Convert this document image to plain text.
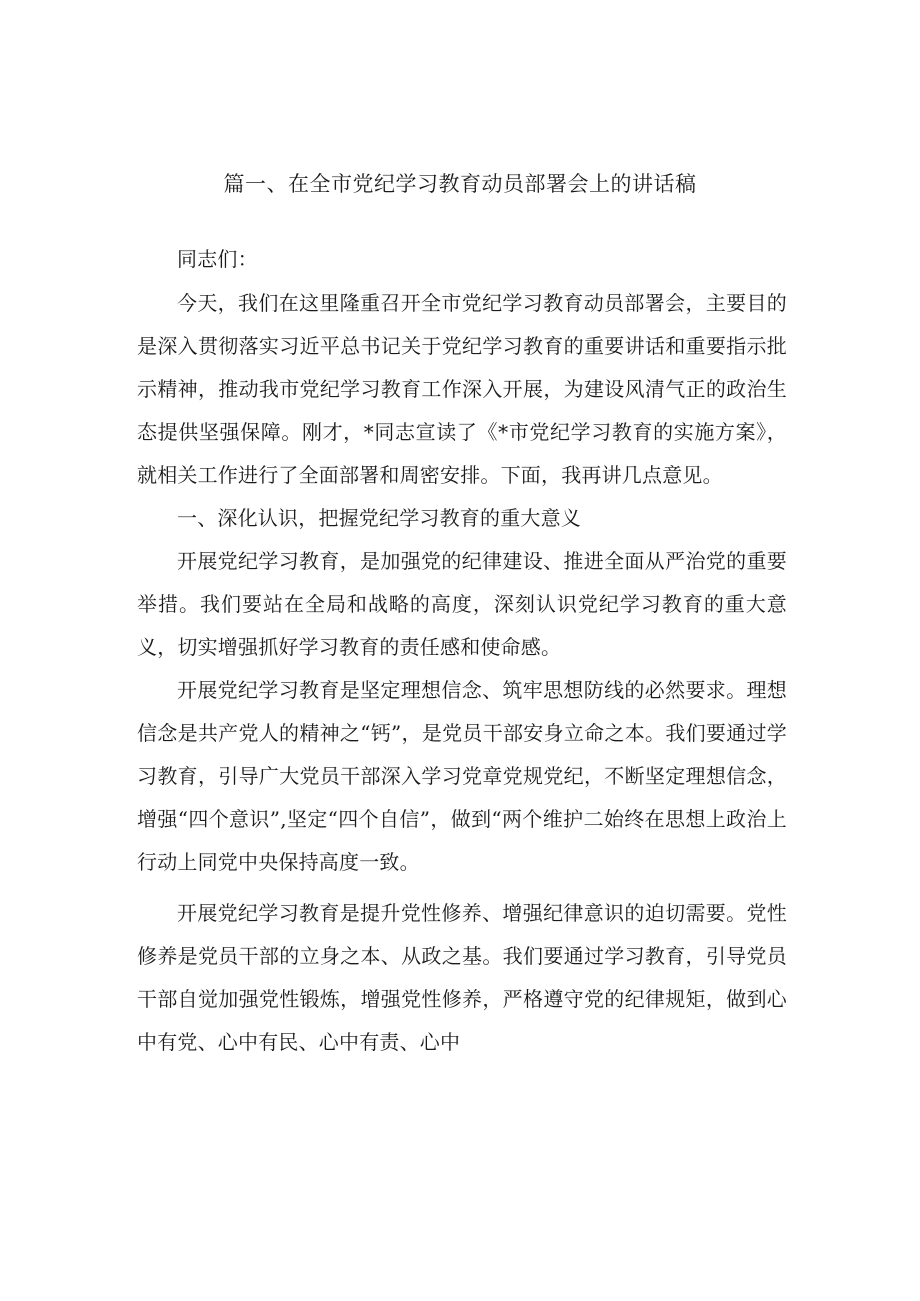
篇一、在全市党纪学习教育动员部署会上的讲话稿

同志们：

今天，我们在这里隆重召开全市党纪学习教育动员部署会，主要目的是深入贯彻落实习近平总书记关于党纪学习教育的重要讲话和重要指示批示精神，推动我市党纪学习教育工作深入开展，为建设风清气正的政治生态提供坚强保障。刚才，*同志宣读了《*市党纪学习教育的实施方案》，就相关工作进行了全面部署和周密安排。下面，我再讲几点意见。

一、深化认识，把握党纪学习教育的重大意义

开展党纪学习教育，是加强党的纪律建设、推进全面从严治党的重要举措。我们要站在全局和战略的高度，深刻认识党纪学习教育的重大意义，切实增强抓好学习教育的责任感和使命感。

开展党纪学习教育是坚定理想信念、筑牢思想防线的必然要求。理想信念是共产党人的精神之“钙”，是党员干部安身立命之本。我们要通过学习教育，引导广大党员干部深入学习党章党规党纪，不断坚定理想信念，增强“四个意识”,坚定“四个自信”，做到“两个维护二始终在思想上政治上行动上同党中央保持高度一致。

开展党纪学习教育是提升党性修养、增强纪律意识的迫切需要。党性修养是党员干部的立身之本、从政之基。我们要通过学习教育，引导党员干部自觉加强党性锻炼，增强党性修养，严格遵守党的纪律规矩，做到心中有党、心中有民、心中有责、心中
